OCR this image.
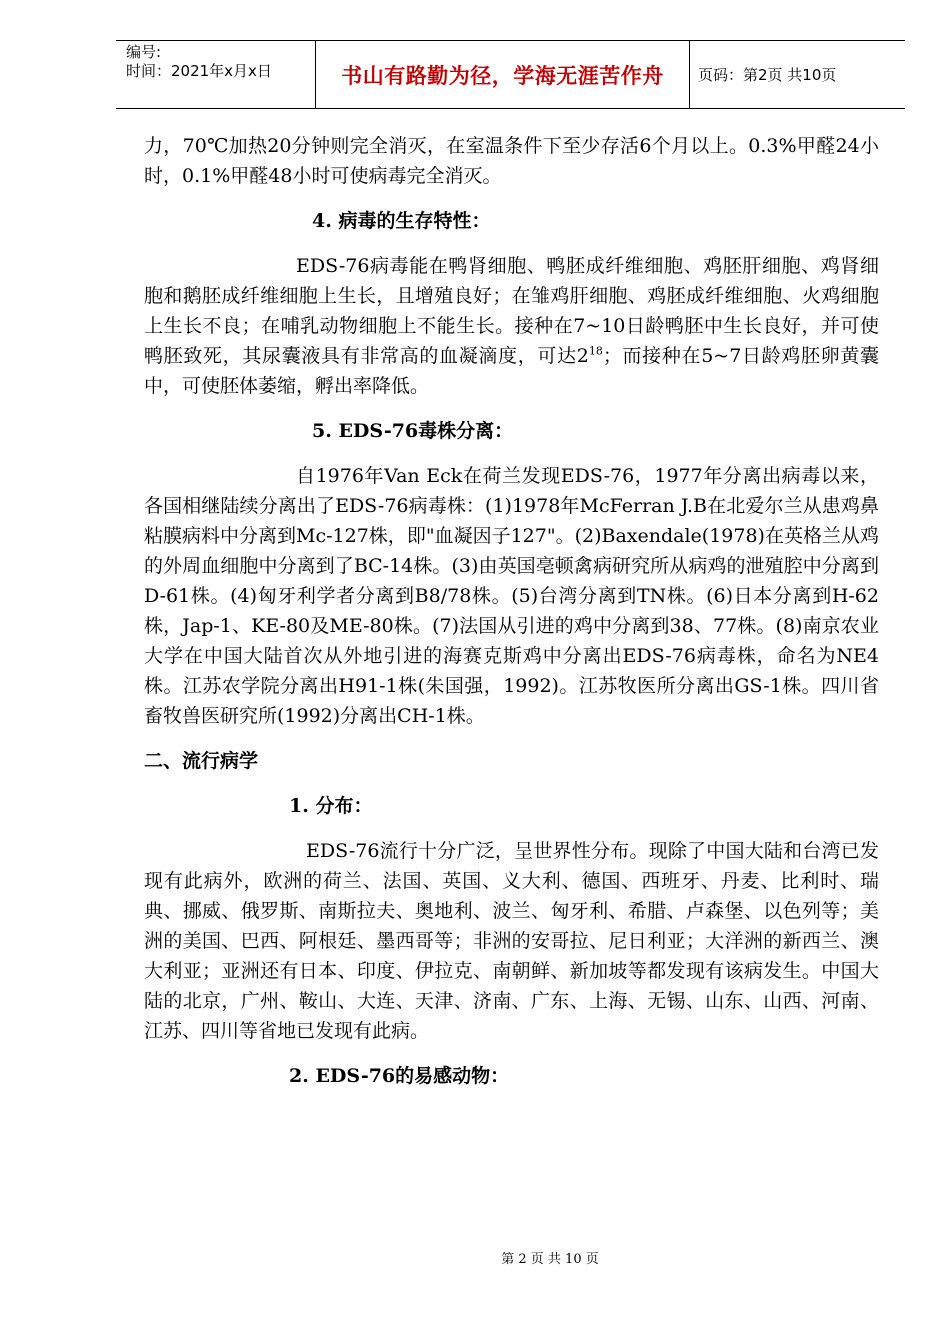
编号:
时间：2021年x月x日	书山有路勤为径，学海无涯苦作舟	页码：第2页 共10页

力，70℃加热20分钟则完全消灭，在室温条件下至少存活6个月以上。0.3%甲醛24小时，0.1%甲醛48小时可使病毒完全消灭。

4. 病毒的生存特性：

EDS-76病毒能在鸭肾细胞、鸭胚成纤维细胞、鸡胚肝细胞、鸡肾细胞和鹅胚成纤维细胞上生长，且增殖良好；在雏鸡肝细胞、鸡胚成纤维细胞、火鸡细胞上生长不良；在哺乳动物细胞上不能生长。接种在7~10日龄鸭胚中生长良好，并可使鸭胚致死，其尿囊液具有非常高的血凝滴度，可达$2^{18}$；而接种在5~7日龄鸡胚卵黄囊中，可使胚体萎缩，孵出率降低。

5. EDS-76毒株分离：

自1976年Van Eck在荷兰发现EDS-76，1977年分离出病毒以来，各国相继陆续分离出了EDS-76病毒株：(1)1978年McFerran J.B在北爱尔兰从患鸡鼻粘膜病料中分离到Mc-127株，即"血凝因子127"。(2)Baxendale(1978)在英格兰从鸡的外周血细胞中分离到了BC-14株。(3)由英国亳顿禽病研究所从病鸡的泄殖腔中分离到D-61株。(4)匈牙利学者分离到B8/78株。(5)台湾分离到TN株。(6)日本分离到H-62株，Jap-1、KE-80及ME-80株。(7)法国从引进的鸡中分离到38、77株。(8)南京农业大学在中国大陆首次从外地引进的海赛克斯鸡中分离出EDS-76病毒株，命名为NE4株。江苏农学院分离出H91-1株(朱国强，1992)。江苏牧医所分离出GS-1株。四川省畜牧兽医研究所(1992)分离出CH-1株。

二、流行病学

1. 分布：

EDS-76流行十分广泛，呈世界性分布。现除了中国大陆和台湾已发现有此病外，欧洲的荷兰、法国、英国、义大利、德国、西班牙、丹麦、比利时、瑞典、挪威、俄罗斯、南斯拉夫、奥地利、波兰、匈牙利、希腊、卢森堡、以色列等；美洲的美国、巴西、阿根廷、墨西哥等；非洲的安哥拉、尼日利亚；大洋洲的新西兰、澳大利亚；亚洲还有日本、印度、伊拉克、南朝鲜、新加坡等都发现有该病发生。中国大陆的北京，广州、鞍山、大连、天津、济南、广东、上海、无锡、山东、山西、河南、江苏、四川等省地已发现有此病。

2. EDS-76的易感动物：

第 2 页 共 10 页
